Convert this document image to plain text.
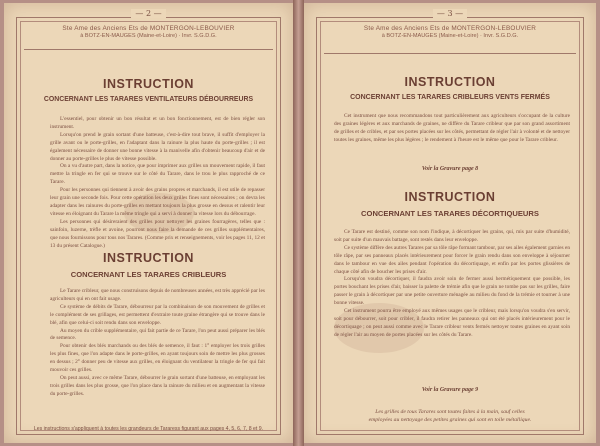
— 2 —
Ste Ame des Anciens Ets de MONTERGON-LEBOUVIER
à BOTZ-EN-MAUGES (Maine-et-Loire) · Invr. S.G.D.G.
INSTRUCTION
CONCERNANT LES TARARES VENTILATEURS DÉBOURREURS
L'essentiel, pour obtenir un bon résultat et un bon fonctionnement, est de bien régler son instrument.
Lorsqu'on prend le grain sortant d'une batteuse, c'est-à-dire tout brave, il suffit d'employer la grille avant ou le porte-grilles, en l'adaptant dans la rainure la plus haute du porte-grilles ; il est également nécessaire de donner une bonne vitesse à la manivelle afin d'obtenir beaucoup d'air et de donner au porte-grilles le plus de vitesse possible.
On a vu d'autre part, dans la notice, que pour imprimer aux grilles un mouvement rapide, il faut mettre la tringle en fer qui se trouve sur le côté du Tarare, dans le trou le plus rapproché de ce Tarare.
Pour les personnes qui tiennent à avoir des grains propres et marchands, il est utile de repasser leur grain une seconde fois. Pour cette opération les deux grilles fines sont nécessaires ; on devra les adapter dans les rainures du porte-grilles en mettant toujours la plus grosse en dessus et ralentir leur vitesse en éloignant du Tarare la même tringle qui a servi à donner la vitesse lors du débourrage.
Les personnes qui désireraient des grilles pour nettoyer les graines fourragères, telles que : sainfoin, luzerne, trèfle et avoine, pourront nous faire la demande de ces grilles supplémentaires, que nous fournissons pour tous nos Tarares. (Comme prix et renseignements, voir les pages 11, 12 et 13 du présent Catalogue.)
INSTRUCTION
CONCERNANT LES TARARES CRIBLEURS
Le Tarare cribleur, que nous construisons depuis de nombreuses années, est très apprécié par les agriculteurs qui en ont fait usage.
Ce système de débits de Tarare, débourreur par la combinaison de son mouvement de grilles et le complément de ses grillages, est permettent d'extraire toute graine étrangère qui se trouve dans le blé, afin que celui-ci soit rendu dans son enveloppe.
Au moyen du crible supplémentaire, qui fait partie de ce Tarare, l'on peut aussi préparer les blés de semence.
Pour obtenir des blés marchands ou des blés de semence, il faut : 1° employer les trois grilles les plus fines, que l'on adapte dans le porte-grilles, en ayant toujours soin de mettre les plus grosses en dessus ; 2° donner peu de vitesse aux grilles, en éloignant du ventilateur la tringle de fer qui fait mouvoir ces grilles.
On peut aussi, avec ce même Tarare, débourrer le grain sortant d'une batteuse, en employant les trois grilles dans les plus grosse, que l'on place dans la rainure du milieu et en augmentant la vitesse du porte-grilles.
Les instructions s'appliquent à toutes les grandeurs de Tararess figurant aux pages 4, 5, 6, 7, 8 et 9.
— 3 —
Ste Ame des Anciens Ets de MONTERGON-LEBOUVIER
à BOTZ-EN-MAUGES (Maine-et-Loire) · Invr. S.G.D.G.
INSTRUCTION
CONCERNANT LES TARARES CRIBLEURS VENTS FERMÉS
Cet instrument que nous recommandons tout particulièrement aux agriculteurs s'occupant de la culture des graines légères et aux marchands de graines, ne diffère du Tarare cribleur que par son grand assortiment de grilles et de cribles, et par ses portes placées sur les côtés, permettant de régler l'air à volonté et de nettoyer toutes les graines, même les plus légères ; le rendement à l'heure est le même que pour le Tarare cribleur.
Voir la Gravure page 8
INSTRUCTION
CONCERNANT LES TARARES DÉCORTIQUEURS
Ce Tarare est destiné, comme son nom l'indique, à décortiquer les grains, qui, mis par suite d'humidité, soit par suite d'un mauvais battage, sont restés dans leur enveloppe.
Ce système diffère des autres Tarares par sa tôle râpe formant tambour, par ses ailes également garnies en tôle râpe, par ses panneaux placés intérieurement pour forcer le grain rendu dans son enveloppe à séjourner dans le tambour en vue des ailes pendant l'opération du décortiquage, et enfin par les portes glissières de chaque côté afin de boucher les prises d'air.
Lorsqu'on voudra décortiquer, il faudra avoir soin de fermer aussi hermétiquement que possible, les portes bouchant les prises d'air, baisser la palette de trémie afin que le grain ne tombe pas sur les grilles, faire passer le grain à décortiquer par une petite ouverture ménagée au milieu du fond de la trémie et tourner à une bonne vitesse.
Cet instrument pourra être employé aux mêmes usages que le cribleur, mais lorsqu'on voudra s'en servir, soit pour débourrer, soit pour cribler, il faudra retirer les panneaux qui ont été placés intérieurement pour le décortiquage ; on peut aussi comme avec le Tarare cribleur vents fermés nettoyer toutes graines en ayant soin de régler l'air au moyen de portes placées sur les côtés du Tarare.
Voir la Gravure page 9
Les grilles de tous Tarares sont toutes faites à la main, sauf celles
employées au nettoyage des petites graines qui sont en toile métallique.
